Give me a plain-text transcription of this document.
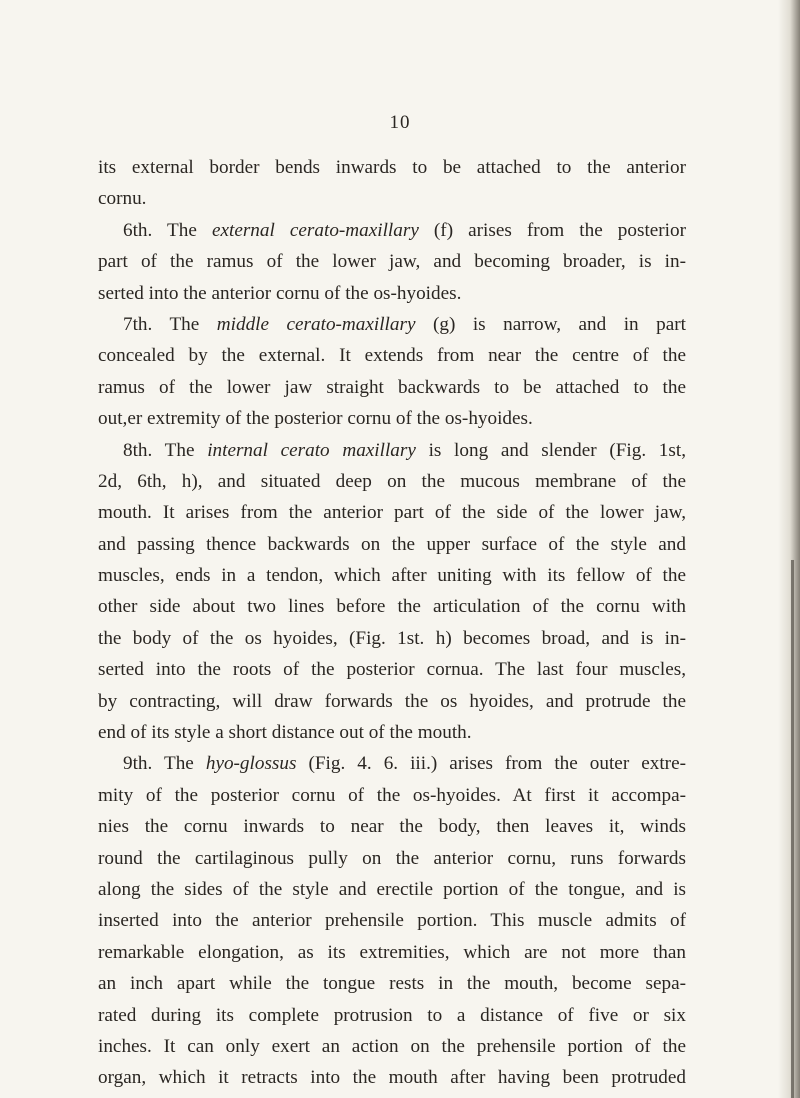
10
its external border bends inwards to be attached to the anterior
cornu.
6th. The external cerato-maxillary (f) arises from the posterior
part of the ramus of the lower jaw, and becoming broader, is in-
serted into the anterior cornu of the os-hyoides.
7th. The middle cerato-maxillary (g) is narrow, and in part
concealed by the external. It extends from near the centre of the
ramus of the lower jaw straight backwards to be attached to the
out,er extremity of the posterior cornu of the os-hyoides.
8th. The internal cerato maxillary is long and slender (Fig. 1st,
2d, 6th, h), and situated deep on the mucous membrane of the
mouth. It arises from the anterior part of the side of the lower jaw,
and passing thence backwards on the upper surface of the style and
muscles, ends in a tendon, which after uniting with its fellow of the
other side about two lines before the articulation of the cornu with
the body of the os hyoides, (Fig. 1st. h) becomes broad, and is in-
serted into the roots of the posterior cornua. The last four muscles,
by contracting, will draw forwards the os hyoides, and protrude the
end of its style a short distance out of the mouth.
9th. The hyo-glossus (Fig. 4. 6. iii.) arises from the outer extre-
mity of the posterior cornu of the os-hyoides. At first it accompa-
nies the cornu inwards to near the body, then leaves it, winds
round the cartilaginous pully on the anterior cornu, runs forwards
along the sides of the style and erectile portion of the tongue, and is
inserted into the anterior prehensile portion. This muscle admits of
remarkable elongation, as its extremities, which are not more than
an inch apart while the tongue rests in the mouth, become sepa-
rated during its complete protrusion to a distance of five or six
inches. It can only exert an action on the prehensile portion of the
organ, which it retracts into the mouth after having been protruded
